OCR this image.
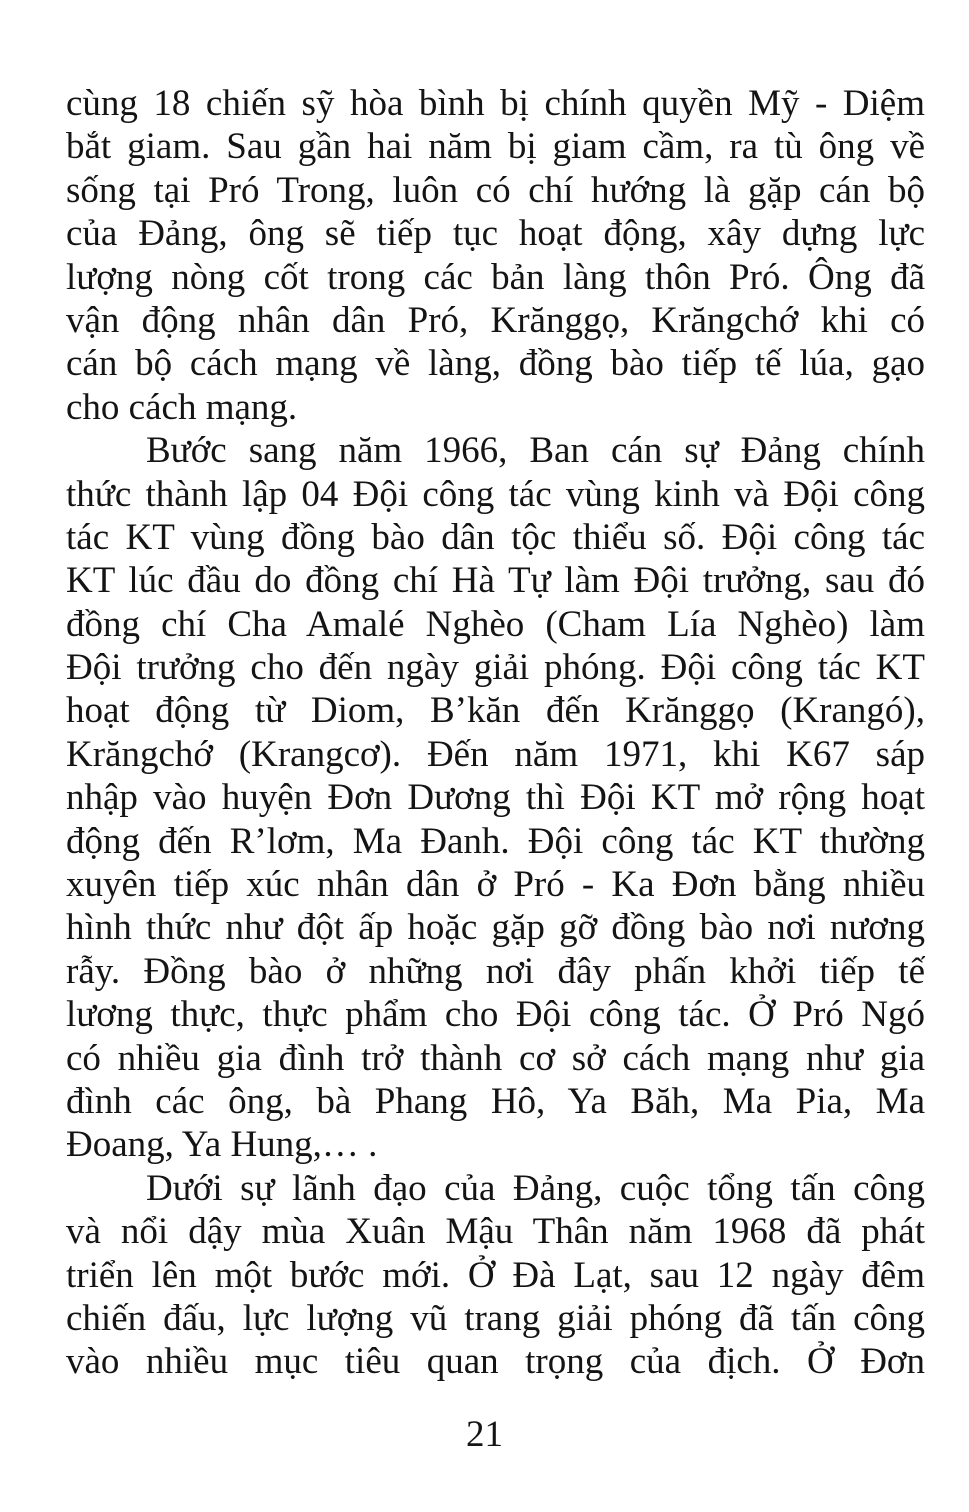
cùng 18 chiến sỹ hòa bình bị chính quyền Mỹ - Diệm
bắt giam. Sau gần hai năm bị giam cầm, ra tù ông về
sống tại Pró Trong, luôn có chí hướng là gặp cán bộ
của Đảng, ông sẽ tiếp tục hoạt động, xây dựng lực
lượng nòng cốt trong các bản làng thôn Pró. Ông đã
vận động nhân dân Pró, Krănggọ, Krăngchớ khi có
cán bộ cách mạng về làng, đồng bào tiếp tế lúa, gạo
cho cách mạng.
Bước sang năm 1966, Ban cán sự Đảng chính
thức thành lập 04 Đội công tác vùng kinh và Đội công
tác KT vùng đồng bào dân tộc thiểu số. Đội công tác
KT lúc đầu do đồng chí Hà Tự làm Đội trưởng, sau đó
đồng chí Cha Amalé Nghèo (Cham Lía Nghèo) làm
Đội trưởng cho đến ngày giải phóng. Đội công tác KT
hoạt động từ Diom, B’kăn đến Krănggọ (Krangó),
Krăngchớ (Krangcơ). Đến năm 1971, khi K67 sáp
nhập vào huyện Đơn Dương thì Đội KT mở rộng hoạt
động đến R’lơm, Ma Đanh. Đội công tác KT thường
xuyên tiếp xúc nhân dân ở Pró - Ka Đơn bằng nhiều
hình thức như đột ấp hoặc gặp gỡ đồng bào nơi nương
rẫy. Đồng bào ở những nơi đây phấn khởi tiếp tế
lương thực, thực phẩm cho Đội công tác. Ở Pró Ngó
có nhiều gia đình trở thành cơ sở cách mạng như gia
đình các ông, bà Phang Hô, Ya Băh, Ma Pia, Ma
Đoang, Ya Hung,… .
Dưới sự lãnh đạo của Đảng, cuộc tổng tấn công
và nổi dậy mùa Xuân Mậu Thân năm 1968 đã phát
triển lên một bước mới. Ở Đà Lạt, sau 12 ngày đêm
chiến đấu, lực lượng vũ trang giải phóng đã tấn công
vào nhiều mục tiêu quan trọng của địch. Ở Đơn
21
